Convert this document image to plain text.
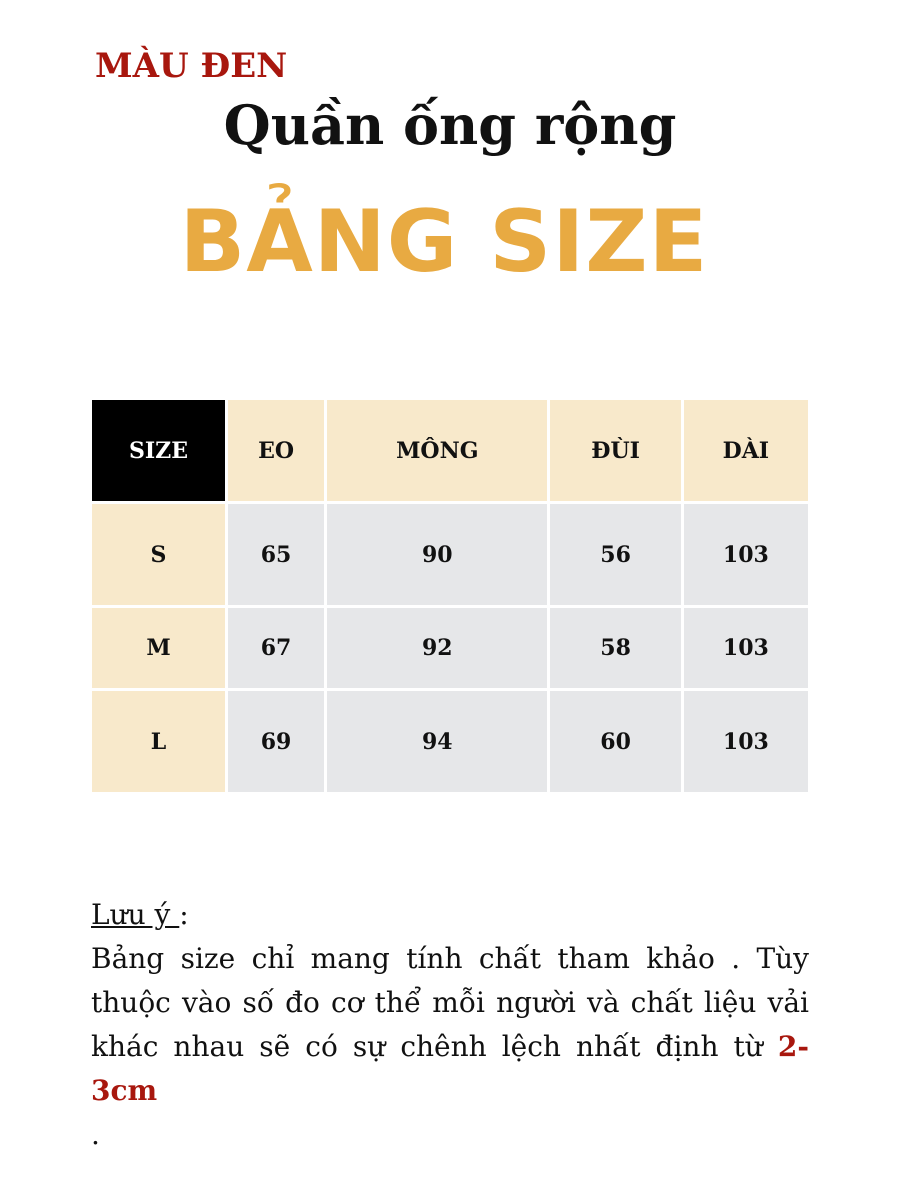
MÀU ĐEN
Quần ống rộng
BẢNG SIZE
SIZE	EO	MÔNG	ĐÙI	DÀI
S	65	90	56	103
M	67	92	58	103
L	69	94	60	103
Lưu ý :
Bảng size chỉ mang tính chất tham khảo . Tùy
thuộc vào số đo cơ thể mỗi người và chất liệu vải
khác nhau sẽ có sự chênh lệch nhất định từ 2-3cm
.
